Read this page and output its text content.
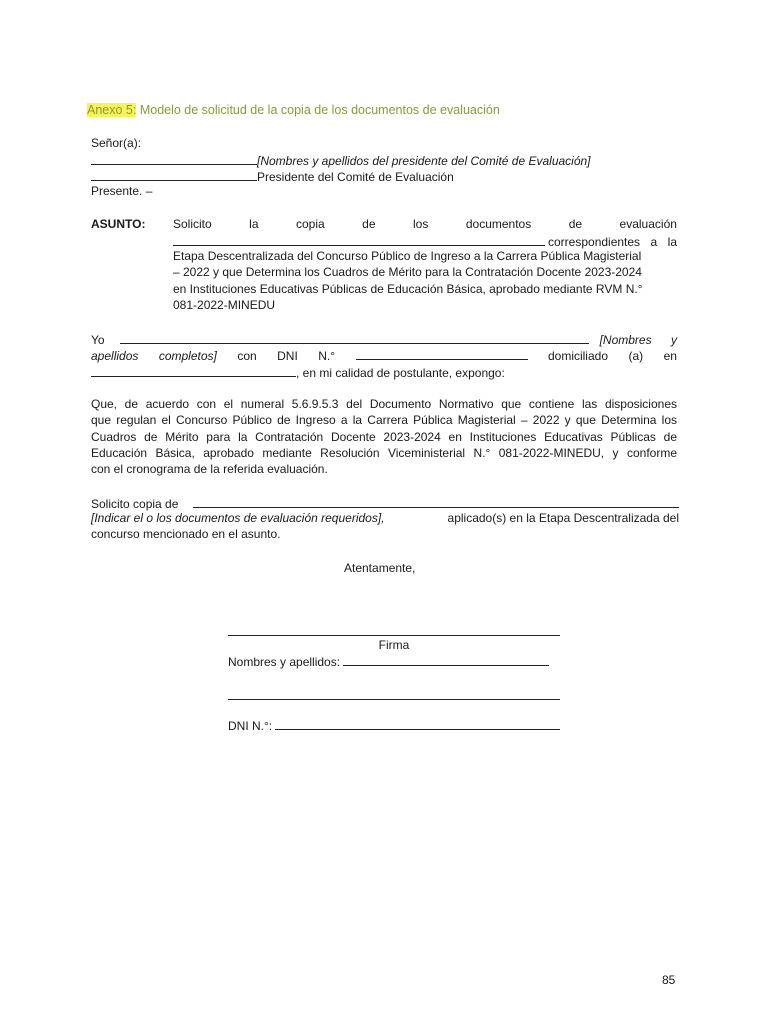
Anexo 5: Modelo de solicitud de la copia de los documentos de evaluación
Señor(a):
[Nombres y apellidos del presidente del Comité de Evaluación]
Presidente del Comité de Evaluación
Presente. –
ASUNTO: Solicito	la	copia	de	los	documentos	de	evaluación
correspondientes a la
Etapa Descentralizada del Concurso Público de Ingreso a la Carrera Pública Magisterial
– 2022 y que Determina los Cuadros de Mérito para la Contratación Docente 2023-2024
en Instituciones Educativas Públicas de Educación Básica, aprobado mediante RVM N.°
081-2022-MINEDU
Yo	[Nombres y
apellidos completos] con DNI N.°	domiciliado (a) en
, en mi calidad de postulante, expongo:
Que, de acuerdo con el numeral 5.6.9.5.3 del Documento Normativo que contiene las disposiciones
que regulan el Concurso Público de Ingreso a la Carrera Pública Magisterial – 2022 y que Determina los
Cuadros de Mérito para la Contratación Docente 2023-2024 en Instituciones Educativas Públicas de
Educación Básica, aprobado mediante Resolución Viceministerial N.° 081-2022-MINEDU, y conforme
con el cronograma de la referida evaluación.
Solicito copia de
[Indicar el o los documentos de evaluación requeridos],	aplicado(s) en la Etapa Descentralizada del
concurso mencionado en el asunto.
Atentamente,
Firma
Nombres y apellidos:
DNI N.°:
85
